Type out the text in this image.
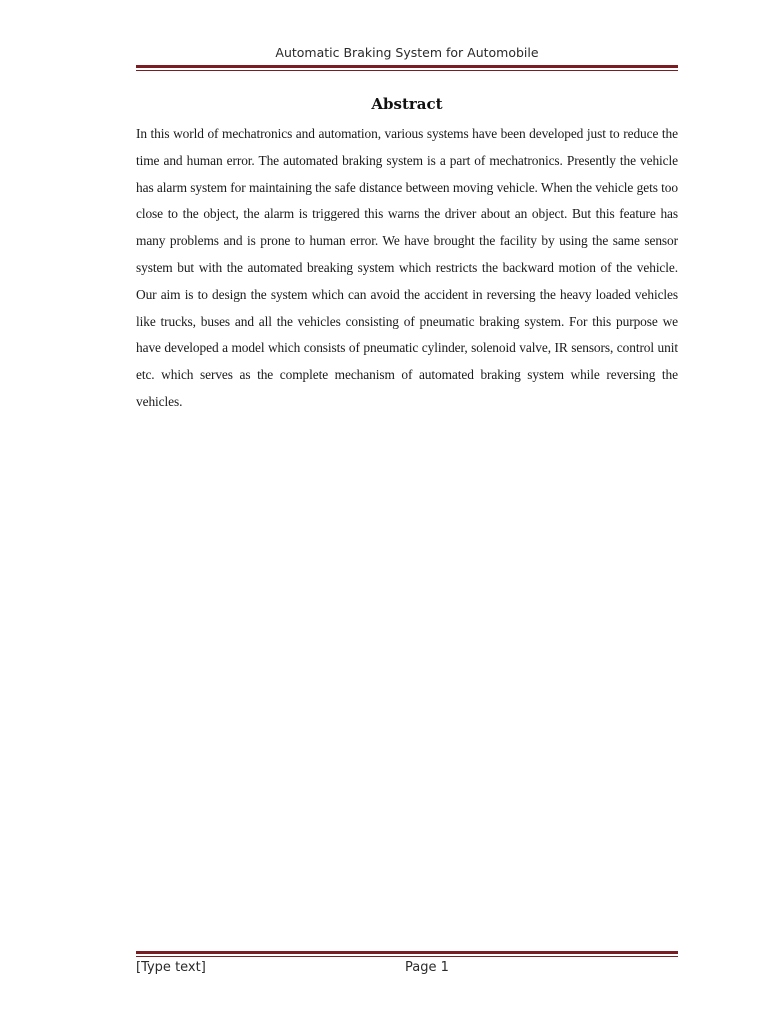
Automatic Braking System for Automobile
Abstract

In this world of mechatronics and automation, various systems have been developed just to reduce the time and human error. The automated braking system is a part of mechatronics. Presently the vehicle has alarm system for maintaining the safe distance between moving vehicle. When the vehicle gets too close to the object, the alarm is triggered this warns the driver about an object. But this feature has many problems and is prone to human error. We have brought the facility by using the same sensor system but with the automated breaking system which restricts the backward motion of the vehicle. Our aim is to design the system which can avoid the accident in reversing the heavy loaded vehicles like trucks, buses and all the vehicles consisting of pneumatic braking system. For this purpose we have developed a model which consists of pneumatic cylinder, solenoid valve, IR sensors, control unit etc. which serves as the complete mechanism of automated braking system while reversing the vehicles.

[Type text]	Page 1
